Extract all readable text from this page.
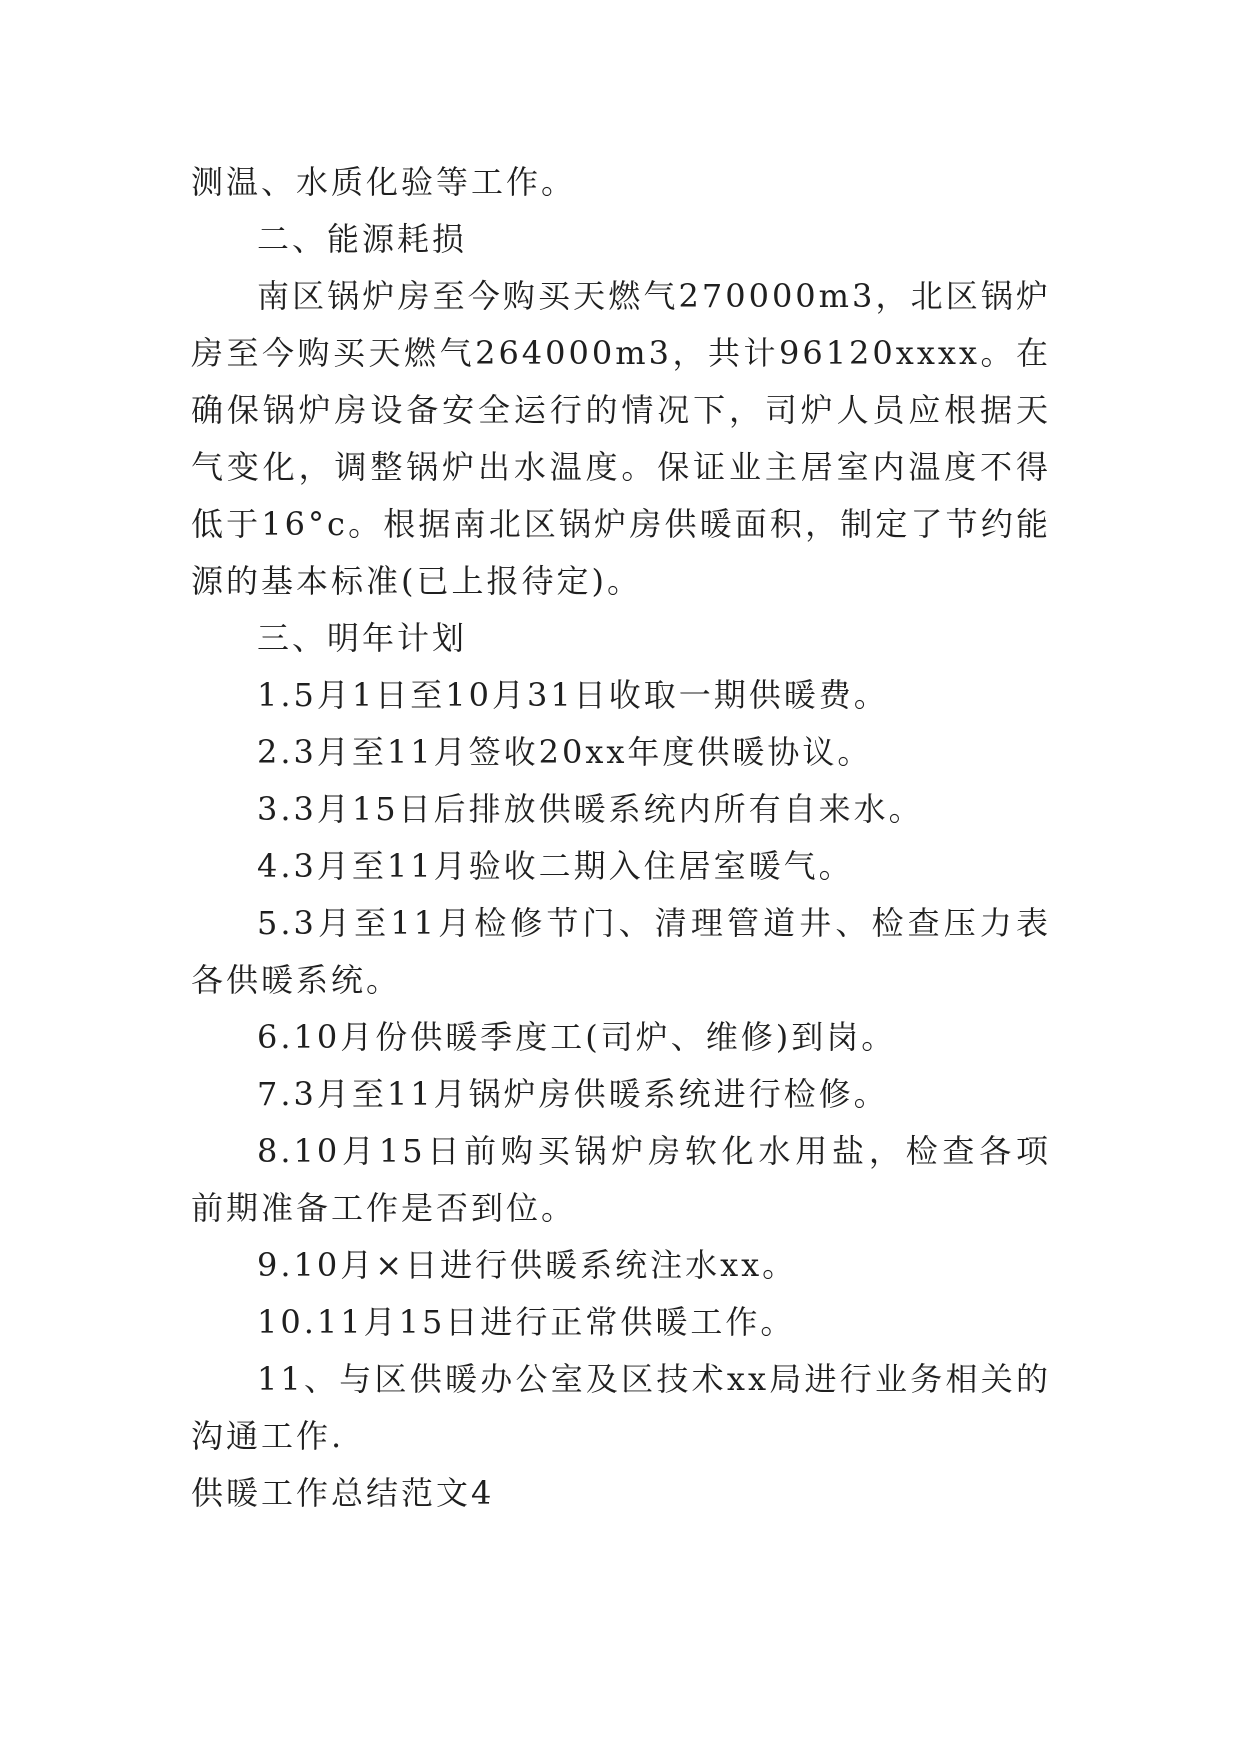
测温、水质化验等工作。

二、能源耗损

南区锅炉房至今购买天燃气270000m3，北区锅炉房至今购买天燃气264000m3，共计96120xxxx。在确保锅炉房设备安全运行的情况下，司炉人员应根据天气变化，调整锅炉出水温度。保证业主居室内温度不得低于16°c。根据南北区锅炉房供暖面积，制定了节约能源的基本标准(已上报待定)。

三、明年计划

1.5月1日至10月31日收取一期供暖费。

2.3月至11月签收20xx年度供暖协议。

3.3月15日后排放供暖系统内所有自来水。

4.3月至11月验收二期入住居室暖气。

5.3月至11月检修节门、清理管道井、检查压力表各供暖系统。

6.10月份供暖季度工(司炉、维修)到岗。

7.3月至11月锅炉房供暖系统进行检修。

8.10月15日前购买锅炉房软化水用盐，检查各项前期准备工作是否到位。

9.10月×日进行供暖系统注水xx。

10.11月15日进行正常供暖工作。

11、与区供暖办公室及区技术xx局进行业务相关的沟通工作.

供暖工作总结范文4
